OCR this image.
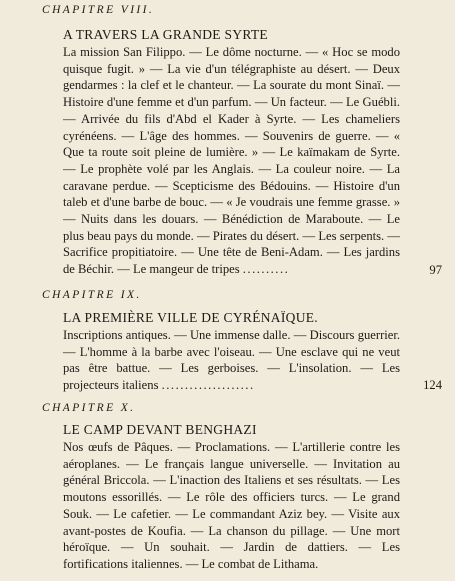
CHAPITRE VIII.
A TRAVERS LA GRANDE SYRTE
La mission San Filippo. — Le dôme nocturne. — « Hoc se modo quisque fugit. » — La vie d'un télégraphiste au désert. — Deux gendarmes : la clef et le chanteur. — La sourate du mont Sinaï. — Histoire d'une femme et d'un parfum. — Un facteur. — Le Guébli. — Arrivée du fils d'Abd el Kader à Syrte. — Les chameliers cyrénéens. — L'âge des hommes. — Souvenirs de guerre. — « Que ta route soit pleine de lumière. » — Le kaïmakam de Syrte. — Le prophète volé par les Anglais. — La couleur noire. — La caravane perdue. — Scepticisme des Bédouins. — Histoire d'un taleb et d'une barbe de bouc. — « Je voudrais une femme grasse. » — Nuits dans les douars. — Bénédiction de Maraboute. — Le plus beau pays du monde. — Pirates du désert. — Les serpents. — Sacrifice propitiatoire. — Une tête de Beni-Adam. — Les jardins de Béchir. — Le mangeur de tripes ..........	97
CHAPITRE IX.
LA PREMIÈRE VILLE DE CYRÉNAÏQUE.
Inscriptions antiques. — Une immense dalle. — Discours guerrier. — L'homme à la barbe avec l'oiseau. — Une esclave qui ne veut pas être battue. — Les gerboises. — L'insolation. — Les projecteurs italiens ....................	124
CHAPITRE X.
LE CAMP DEVANT BENGHAZI
Nos œufs de Pâques. — Proclamations. — L'artillerie contre les aéroplanes. — Le français langue universelle. — Invitation au général Briccola. — L'inaction des Italiens et ses résultats. — Les moutons essorillés. — Le rôle des officiers turcs. — Le grand Souk. — Le cafetier. — Le commandant Aziz bey. — Visite aux avant-postes de Koufia. — La chanson du pillage. — Une mort héroïque. — Un souhait. — Jardin de dattiers. — Les fortifications italiennes. — Le combat de Lithama.
